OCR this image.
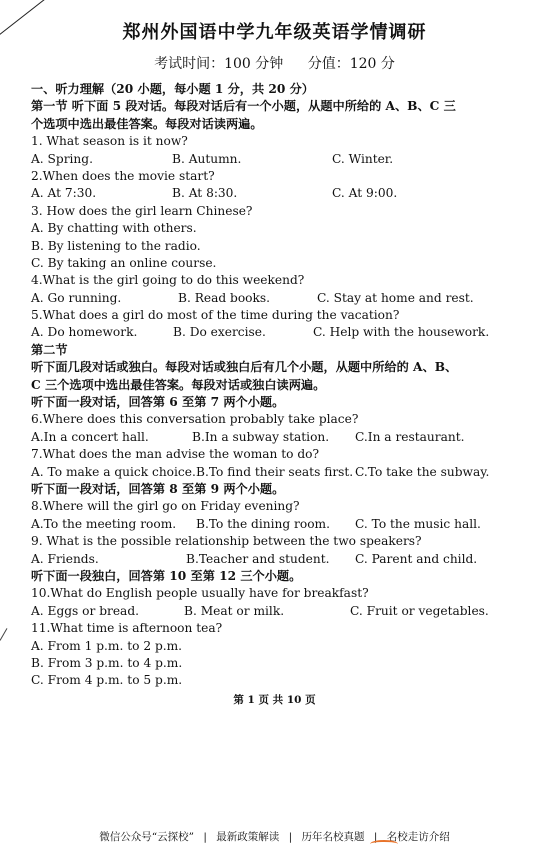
郑州外国语中学九年级英语学情调研
考试时间：100 分钟 分值：120 分
一、听力理解（20 小题，每小题 1 分，共 20 分）
第一节 听下面 5 段对话。每段对话后有一个小题，从题中所给的 A、B、C 三
个选项中选出最佳答案。每段对话读两遍。
1. What season is it now?
A. Spring.	B. Autumn.	C. Winter.
2.When does the movie start?
A. At 7:30.	B. At 8:30.	C. At 9:00.
3. How does the girl learn Chinese?
A. By chatting with others.
B. By listening to the radio.
C. By taking an online course.
4.What is the girl going to do this weekend?
A. Go running.	B. Read books.	C. Stay at home and rest.
5.What does a girl do most of the time during the vacation?
A. Do homework.	B. Do exercise.	C. Help with the housework.
第二节
听下面几段对话或独白。每段对话或独白后有几个小题，从题中所给的 A、B、
C 三个选项中选出最佳答案。每段对话或独白读两遍。
听下面一段对话，回答第 6 至第 7 两个小题。
6.Where does this conversation probably take place?
A.In a concert hall.	B.In a subway station. C.In a restaurant.
7.What does the man advise the woman to do?
A. To make a quick choice. B.To find their seats first. C.To take the subway.
听下面一段对话，回答第 8 至第 9 两个小题。
8.Where will the girl go on Friday evening?
A.To the meeting room. B.To the dining room. C. To the music hall.
9. What is the possible relationship between the two speakers?
A. Friends.	B.Teacher and student. C. Parent and child.
听下面一段独白，回答第 10 至第 12 三个小题。
10.What do English people usually have for breakfast?
A. Eggs or bread.	B. Meat or milk.	C. Fruit or vegetables.
11.What time is afternoon tea?
A. From 1 p.m. to 2 p.m.
B. From 3 p.m. to 4 p.m.
C. From 4 p.m. to 5 p.m.
第 1 页 共 10 页
微信公众号“云探校” | 最新政策解读 | 历年名校真题 | 名校走访介绍
